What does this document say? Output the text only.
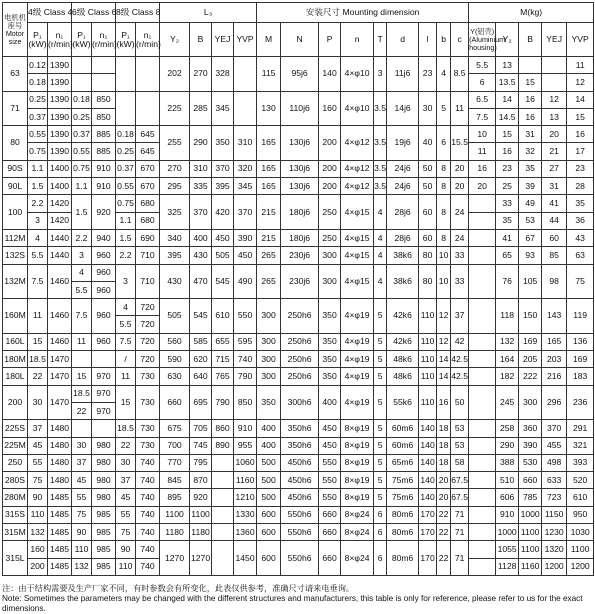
电机机座号 Motor size	4级 Class 4		6级 Class 6		8级 Class 8		L₃				安装尺寸 Mounting dimension									M(kg)				
	P₁ (kW)	n₁ (r/min)	P₁ (kW)	n₁ (r/min)	P₁ (kW)	n₁ (r/min)	Y₂	B	YEJ	YVP	M	N	P	n	T	d	l	b	c	Y(铝壳) (Aluminium housing)	Y₂	B	YEJ	YVP
63	0.12	1390					202	270	328		115	95j6	140	4×φ10	3	11j6	23	4	8.5	5.5	13			11
	0.18	1390																		6	13.5	15		12
71	0.25	1390	0.18	850			225	285	345		130	110j6	160	4×φ10	3.5	14j6	30	5	11	6.5	14	16	12	14
	0.37	1390	0.25	850																7.5	14.5	16	13	15
80	0.55	1390	0.37	885	0.18	645	255	290	350	310	165	130j6	200	4×φ12	3.5	19j6	40	6	15.5	10	15	31	20	16
	0.75	1390	0.55	885	0.25	645														11	16	32	21	17
90S	1.1	1400	0.75	910	0.37	670	270	310	370	320	165	130j6	200	4×φ12	3.5	24j6	50	8	20	16	23	35	27	23
90L	1.5	1400	1.1	910	0.55	670	295	335	395	345	165	130j6	200	4×φ12	3.5	24j6	50	8	20	20	25	39	31	28
100	2.2	1420	1.5	920	0.75	680	325	370	420	370	215	180j6	250	4×φ15	4	28j6	60	8	24		33	49	41	35
	3	1420			1.1	680															35	53	44	36
112M	4	1440	2.2	940	1.5	690	340	400	450	390	215	180j6	250	4×φ15	4	28j6	60	8	24		41	67	60	43
132S	5.5	1440	3	960	2.2	710	395	430	505	450	265	230j6	300	4×φ15	4	38k6	80	10	33		65	93	85	63
132M	7.5	1460	4	960	3	710	430	470	545	490	265	230j6	300	4×φ15	4	38k6	80	10	33		76	105	98	75
			5.5	960																				
160M	11	1460	7.5	960	4	720	505	545	610	550	300	250h6	350	4×φ19	5	42k6	110	12	37		118	150	143	119
					5.5	720																		
160L	15	1460	11	960	7.5	720	560	585	655	595	300	250h6	350	4×φ19	5	42k6	110	12	42		132	169	165	136
180M	18.5	1470			/	720	590	620	715	740	300	250h6	350	4×φ19	5	48k6	110	14	42.5		164	205	203	169
180L	22	1470	15	970	11	730	630	640	765	790	300	250h6	350	4×φ19	5	48k6	110	14	42.5		182	222	216	183
200	30	1470	18.5	970	15	730	660	695	790	850	350	300h6	400	4×φ19	5	55k6	110	16	50		245	300	296	236
			22	970																				
225S	37	1480			18.5	730	675	705	860	910	400	350h6	450	8×φ19	5	60m6	140	18	53		258	360	370	291
225M	45	1480	30	980	22	730	700	745	890	955	400	350h6	450	8×φ19	5	60m6	140	18	53		290	390	455	321
250	55	1480	37	980	30	740	770	795		1060	500	450h6	550	8×φ19	5	65m6	140	18	58		388	530	498	393
280S	75	1480	45	980	37	740	845	870		1160	500	450h6	550	8×φ19	5	75m6	140	20	67.5		510	660	633	520
280M	90	1485	55	980	45	740	895	920		1210	500	450h6	550	8×φ19	5	75m6	140	20	67.5		606	785	723	610
315S	110	1485	75	985	55	740	1100	1100		1330	600	550h6	660	8×φ24	6	80m6	170	22	71		910	1000	1150	950
315M	132	1485	90	985	75	740	1180	1180		1360	600	550h6	660	8×φ24	6	80m6	170	22	71		1000	1100	1230	1030
315L	160	1485	110	985	90	740	1270	1270		1450	600	550h6	660	8×φ24	6	80m6	170	22	71		1055	1100	1320	1100
	200	1485	132	985	110	740															1128	1160	1200	1200
注：由于结构需要及生产厂家不同，有时参数会有所变化，此表仅供参考，准确尺寸请来电垂询。
Note: Sometimes the parameters may be changed with the different structures and manufacturers, this table is only for reference, please refer to us for the exact dimensions.
